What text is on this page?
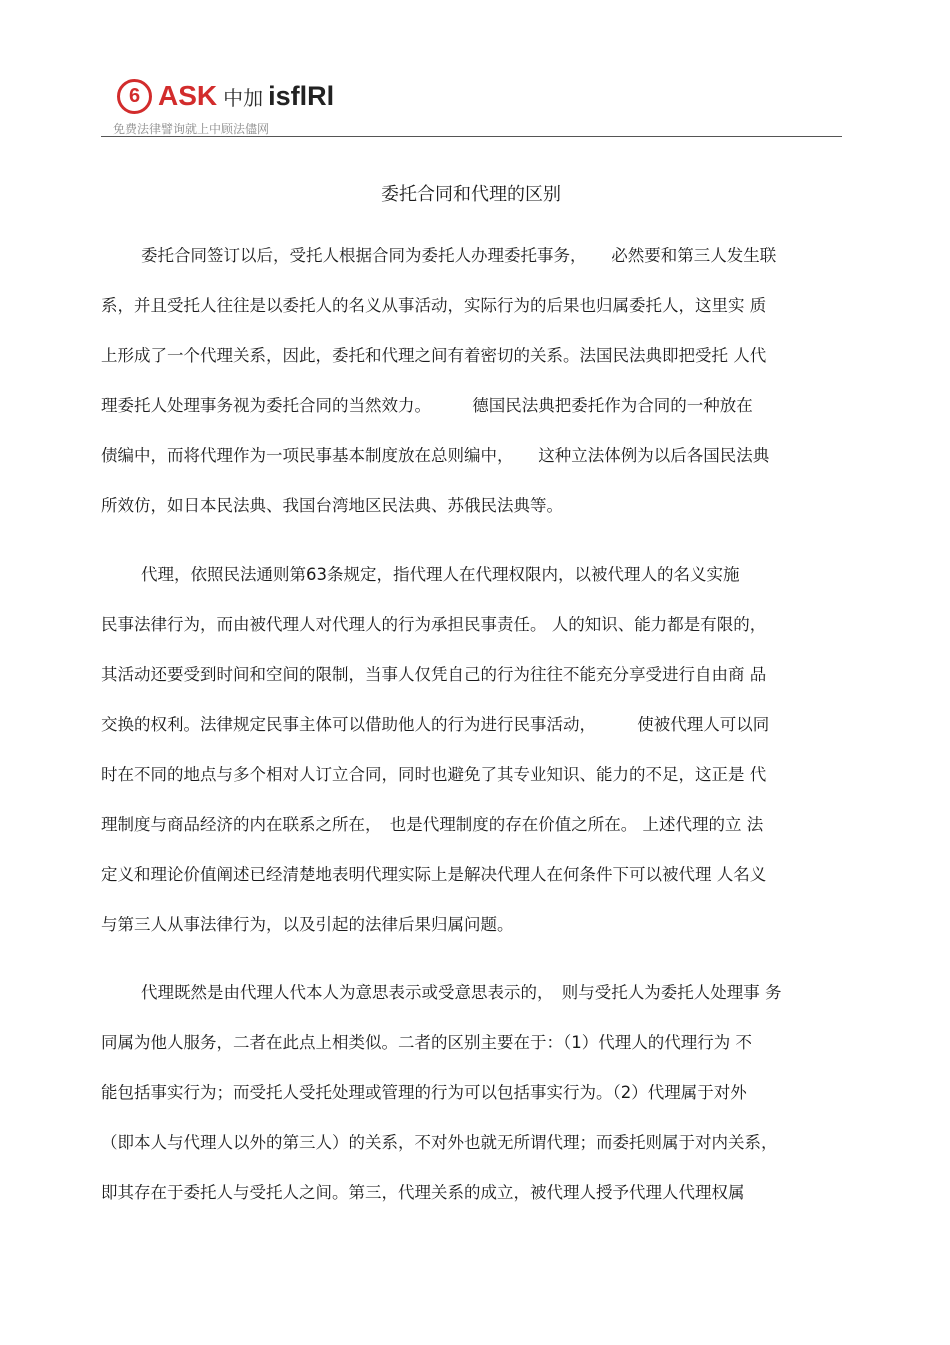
6 ASK 中加 isflRl
免费法律譬询就上中顾法儘网
委托合同和代理的区别
委托合同签订以后，受托人根据合同为委托人办理委托事务，　　必然要和第三人发生联
系，并且受托人往往是以委托人的名义从事活动，实际行为的后果也归属委托人，这里实 质
上形成了一个代理关系，因此，委托和代理之间有着密切的关系。法国民法典即把受托 人代
理委托人处理事务视为委托合同的当然效力。　　　德国民法典把委托作为合同的一种放在
债编中，而将代理作为一项民事基本制度放在总则编中，　　这种立法体例为以后各国民法典
所效仿，如日本民法典、我国台湾地区民法典、苏俄民法典等。
代理，依照民法通则第63条规定，指代理人在代理权限内，以被代理人的名义实施
民事法律行为，而由被代理人对代理人的行为承担民事责任。 人的知识、能力都是有限的，
其活动还要受到时间和空间的限制，当事人仅凭自己的行为往往不能充分享受进行自由商 品
交换的权利。法律规定民事主体可以借助他人的行为进行民事活动，　　　使被代理人可以同
时在不同的地点与多个相对人订立合同，同时也避免了其专业知识、能力的不足，这正是 代
理制度与商品经济的内在联系之所在，　也是代理制度的存在价值之所在。 上述代理的立 法
定义和理论价值阐述已经清楚地表明代理实际上是解决代理人在何条件下可以被代理 人名义
与第三人从事法律行为，以及引起的法律后果归属问题。
代理既然是由代理人代本人为意思表示或受意思表示的，　则与受托人为委托人处理事 务
同属为他人服务，二者在此点上相类似。二者的区别主要在于：（1）代理人的代理行为 不
能包括事实行为；而受托人受托处理或管理的行为可以包括事实行为。（2）代理属于对外
（即本人与代理人以外的第三人）的关系，不对外也就无所谓代理；而委托则属于对内关系，
即其存在于委托人与受托人之间。第三，代理关系的成立，被代理人授予代理人代理权属
